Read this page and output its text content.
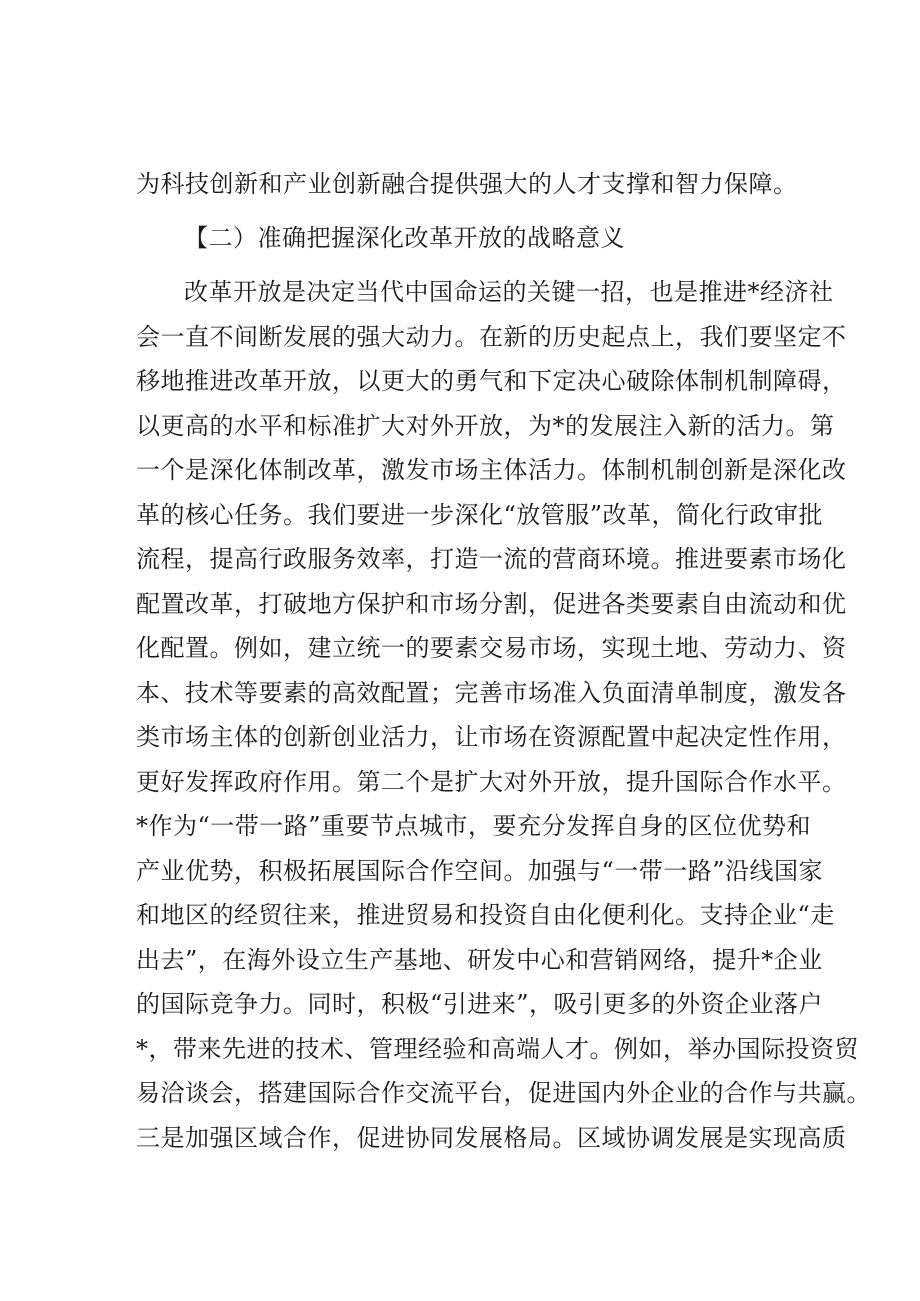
为科技创新和产业创新融合提供强大的人才支撑和智力保障。
【二）准确把握深化改革开放的战略意义
改革开放是决定当代中国命运的关键一招，也是推进*经济社
会一直不间断发展的强大动力。在新的历史起点上，我们要坚定不
移地推进改革开放，以更大的勇气和下定决心破除体制机制障碍，
以更高的水平和标准扩大对外开放，为*的发展注入新的活力。第
一个是深化体制改革，激发市场主体活力。体制机制创新是深化改
革的核心任务。我们要进一步深化“放管服”改革，简化行政审批
流程，提高行政服务效率，打造一流的营商环境。推进要素市场化
配置改革，打破地方保护和市场分割，促进各类要素自由流动和优
化配置。例如，建立统一的要素交易市场，实现土地、劳动力、资
本、技术等要素的高效配置；完善市场准入负面清单制度，激发各
类市场主体的创新创业活力，让市场在资源配置中起决定性作用，
更好发挥政府作用。第二个是扩大对外开放，提升国际合作水平。
*作为“一带一路”重要节点城市，要充分发挥自身的区位优势和
产业优势，积极拓展国际合作空间。加强与“一带一路”沿线国家
和地区的经贸往来，推进贸易和投资自由化便利化。支持企业“走
出去”，在海外设立生产基地、研发中心和营销网络，提升*企业
的国际竞争力。同时，积极“引进来”，吸引更多的外资企业落户
*，带来先进的技术、管理经验和高端人才。例如，举办国际投资贸
易洽谈会，搭建国际合作交流平台，促进国内外企业的合作与共赢。
三是加强区域合作，促进协同发展格局。区域协调发展是实现高质
